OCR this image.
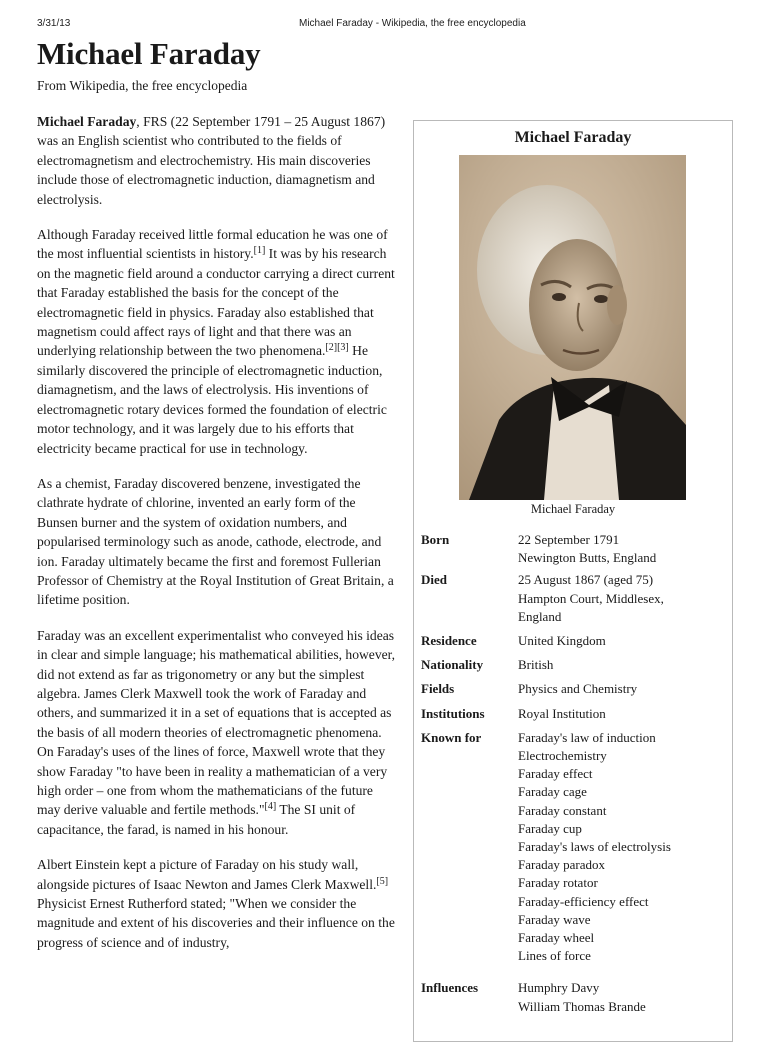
3/31/13	Michael Faraday - Wikipedia, the free encyclopedia
Michael Faraday
From Wikipedia, the free encyclopedia

Michael Faraday, FRS (22 September 1791 – 25 August 1867) was an English scientist who contributed to the fields of electromagnetism and electrochemistry. His main discoveries include those of electromagnetic induction, diamagnetism and electrolysis.

Although Faraday received little formal education he was one of the most influential scientists in history.[1] It was by his research on the magnetic field around a conductor carrying a direct current that Faraday established the basis for the concept of the electromagnetic field in physics. Faraday also established that magnetism could affect rays of light and that there was an underlying relationship between the two phenomena.[2][3] He similarly discovered the principle of electromagnetic induction, diamagnetism, and the laws of electrolysis. His inventions of electromagnetic rotary devices formed the foundation of electric motor technology, and it was largely due to his efforts that electricity became practical for use in technology.

As a chemist, Faraday discovered benzene, investigated the clathrate hydrate of chlorine, invented an early form of the Bunsen burner and the system of oxidation numbers, and popularised terminology such as anode, cathode, electrode, and ion. Faraday ultimately became the first and foremost Fullerian Professor of Chemistry at the Royal Institution of Great Britain, a lifetime position.

Faraday was an excellent experimentalist who conveyed his ideas in clear and simple language; his mathematical abilities, however, did not extend as far as trigonometry or any but the simplest algebra. James Clerk Maxwell took the work of Faraday and others, and summarized it in a set of equations that is accepted as the basis of all modern theories of electromagnetic phenomena. On Faraday's uses of the lines of force, Maxwell wrote that they show Faraday "to have been in reality a mathematician of a very high order – one from whom the mathematicians of the future may derive valuable and fertile methods."[4] The SI unit of capacitance, the farad, is named in his honour.

Albert Einstein kept a picture of Faraday on his study wall, alongside pictures of Isaac Newton and James Clerk Maxwell.[5] Physicist Ernest Rutherford stated; "When we consider the magnitude and extent of his discoveries and their influence on the progress of science and of industry,

Michael Faraday
Michael Faraday
Born	22 September 1791
Newington Butts, England
Died	25 August 1867 (aged 75)
Hampton Court, Middlesex,
England
Residence	United Kingdom
Nationality	British
Fields	Physics and Chemistry
Institutions	Royal Institution
Known for	Faraday's law of induction
Electrochemistry
Faraday effect
Faraday cage
Faraday constant
Faraday cup
Faraday's laws of electrolysis
Faraday paradox
Faraday rotator
Faraday-efficiency effect
Faraday wave
Faraday wheel
Lines of force
Influences	Humphry Davy
William Thomas Brande
